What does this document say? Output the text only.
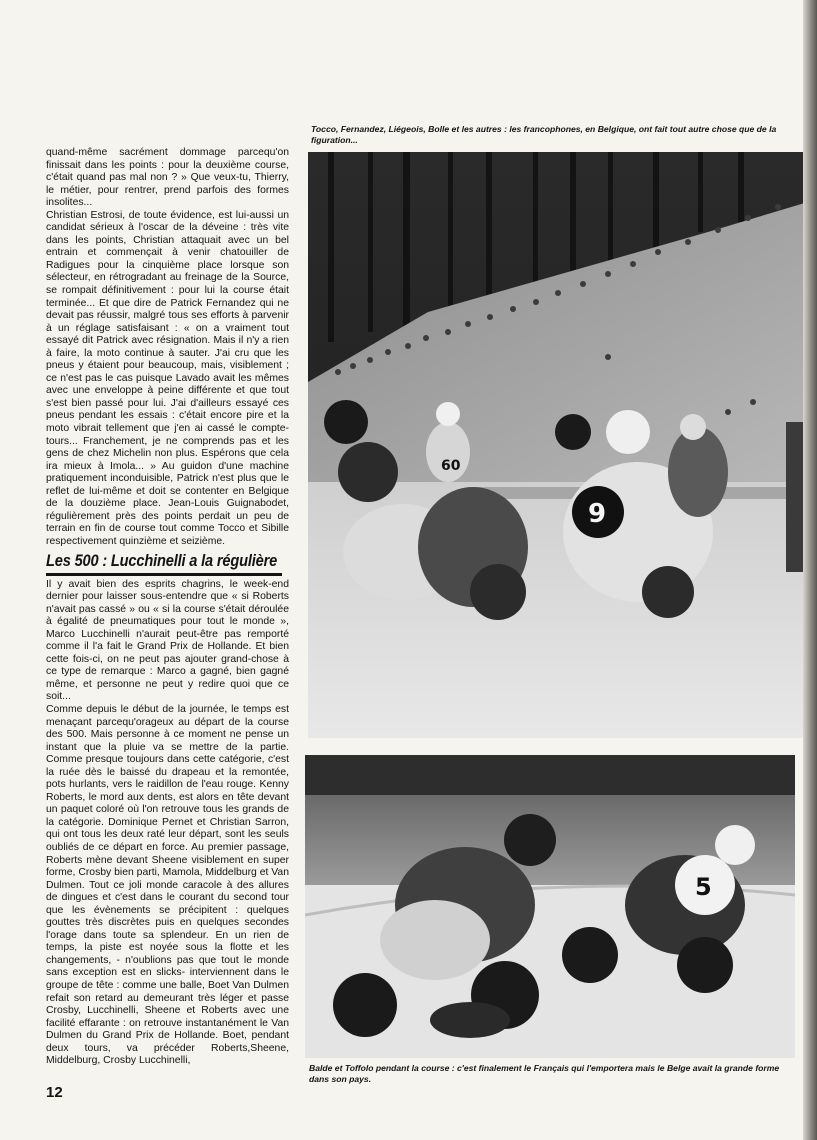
quand-même sacrément dommage parcequ'on finissait dans les points : pour la deuxième course, c'était quand pas mal non ? » Que veux-tu, Thierry, le métier, pour rentrer, prend parfois des formes insolites...

Christian Estrosi, de toute évidence, est lui-aussi un candidat sérieux à l'oscar de la déveine : très vite dans les points, Christian attaquait avec un bel entrain et commençait à venir chatouiller de Radigues pour la cinquième place lorsque son sélecteur, en rétrogradant au freinage de la Source, se rompait définitivement : pour lui la course était terminée... Et que dire de Patrick Fernandez qui ne devait pas réussir, malgré tous ses efforts à parvenir à un réglage satisfaisant : « on a vraiment tout essayé dit Patrick avec résignation. Mais il n'y a rien à faire, la moto continue à sauter. J'ai cru que les pneus y étaient pour beaucoup, mais, visiblement ; ce n'est pas le cas puisque Lavado avait les mêmes avec une enveloppe à peine différente et que tout s'est bien passé pour lui. J'ai d'ailleurs essayé ces pneus pendant les essais : c'était encore pire et la moto vibrait tellement que j'en ai cassé le compte-tours... Franchement, je ne comprends pas et les gens de chez Michelin non plus. Espérons que cela ira mieux à Imola... » Au guidon d'une machine pratiquement inconduisible, Patrick n'est plus que le reflet de lui-même et doit se contenter en Belgique de la douzième place. Jean-Louis Guignabodet, régulièrement près des points perdait un peu de terrain en fin de course tout comme Tocco et Sibille respectivement quinzième et seizième.

Les 500 : Lucchinelli a la régulière

Il y avait bien des esprits chagrins, le week-end dernier pour laisser sous-entendre que « si Roberts n'avait pas cassé » ou « si la course s'était déroulée à égalité de pneumatiques pour tout le monde », Marco Lucchinelli n'aurait peut-être pas remporté comme il l'a fait le Grand Prix de Hollande. Et bien cette fois-ci, on ne peut pas ajouter grand-chose à ce type de remarque : Marco a gagné, bien gagné même, et personne ne peut y redire quoi que ce soit...

Comme depuis le début de la journée, le temps est menaçant parcequ'orageux au départ de la course des 500. Mais personne à ce moment ne pense un instant que la pluie va se mettre de la partie. Comme presque toujours dans cette catégorie, c'est la ruée dès le baissé du drapeau et la remontée, pots hurlants, vers le raidillon de l'eau rouge. Kenny Roberts, le mord aux dents, est alors en tête devant un paquet coloré où l'on retrouve tous les grands de la catégorie. Dominique Pernet et Christian Sarron, qui ont tous les deux raté leur départ, sont les seuls oubliés de ce départ en force. Au premier passage, Roberts mène devant Sheene visiblement en super forme, Crosby bien parti, Mamola, Middelburg et Van Dulmen. Tout ce joli monde caracole à des allures de dingues et c'est dans le courant du second tour que les évènements se précipitent : quelques gouttes très discrètes puis en quelques secondes l'orage dans toute sa splendeur. En un rien de temps, la piste est noyée sous la flotte et les changements, - n'oublions pas que tout le monde sans exception est en slicks- interviennent dans le groupe de tête : comme une balle, Boet Van Dulmen refait son retard au demeurant très léger et passe Crosby, Lucchinelli, Sheene et Roberts avec une facilité effarante : on retrouve instantanément le Van Dulmen du Grand Prix de Hollande. Boet, pendant deux tours, va précéder Roberts,Sheene, Middelburg, Crosby Lucchinelli,

Tocco, Fernandez, Liégeois, Bolle et les autres : les francophones, en Belgique, ont fait tout autre chose que de la figuration...
60
9
5
Balde et Toffolo pendant la course : c'est finalement le Français qui l'emportera mais le Belge avait la grande forme dans son pays.
12
